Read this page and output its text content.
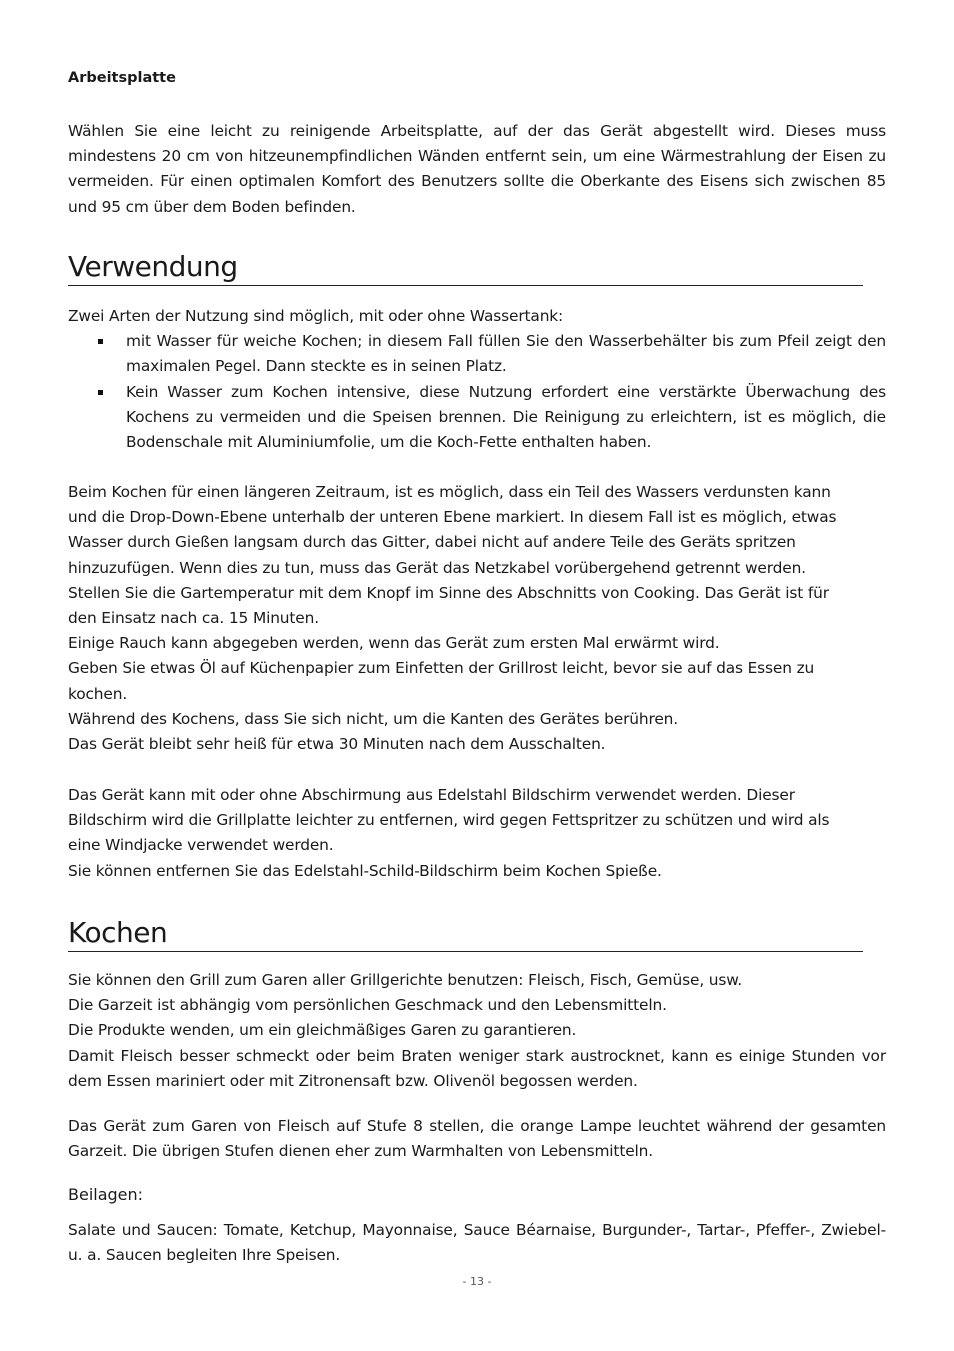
Arbeitsplatte

Wählen Sie eine leicht zu reinigende Arbeitsplatte, auf der das Gerät abgestellt wird. Dieses muss mindestens 20 cm von hitzeunempfindlichen Wänden entfernt sein, um eine Wärmestrahlung der Eisen zu vermeiden. Für einen optimalen Komfort des Benutzers sollte die Oberkante des Eisens sich zwischen 85 und 95 cm über dem Boden befinden.

Verwendung

Zwei Arten der Nutzung sind möglich, mit oder ohne Wassertank:

mit Wasser für weiche Kochen; in diesem Fall füllen Sie den Wasserbehälter bis zum Pfeil zeigt den maximalen Pegel. Dann steckte es in seinen Platz.
Kein Wasser zum Kochen intensive, diese Nutzung erfordert eine verstärkte Überwachung des Kochens zu vermeiden und die Speisen brennen. Die Reinigung zu erleichtern, ist es möglich, die Bodenschale mit Aluminiumfolie, um die Koch-Fette enthalten haben.

Beim Kochen für einen längeren Zeitraum, ist es möglich, dass ein Teil des Wassers verdunsten kann

und die Drop-Down-Ebene unterhalb der unteren Ebene markiert. In diesem Fall ist es möglich, etwas

Wasser durch Gießen langsam durch das Gitter, dabei nicht auf andere Teile des Geräts spritzen

hinzuzufügen. Wenn dies zu tun, muss das Gerät das Netzkabel vorübergehend getrennt werden.

Stellen Sie die Gartemperatur mit dem Knopf im Sinne des Abschnitts von Cooking. Das Gerät ist für

den Einsatz nach ca. 15 Minuten.

Einige Rauch kann abgegeben werden, wenn das Gerät zum ersten Mal erwärmt wird.

Geben Sie etwas Öl auf Küchenpapier zum Einfetten der Grillrost leicht, bevor sie auf das Essen zu

kochen.

Während des Kochens, dass Sie sich nicht, um die Kanten des Gerätes berühren.

Das Gerät bleibt sehr heiß für etwa 30 Minuten nach dem Ausschalten.

Das Gerät kann mit oder ohne Abschirmung aus Edelstahl Bildschirm verwendet werden. Dieser

Bildschirm wird die Grillplatte leichter zu entfernen, wird gegen Fettspritzer zu schützen und wird als

eine Windjacke verwendet werden.

Sie können entfernen Sie das Edelstahl-Schild-Bildschirm beim Kochen Spieße.

Kochen

Sie können den Grill zum Garen aller Grillgerichte benutzen: Fleisch, Fisch, Gemüse, usw.

Die Garzeit ist abhängig vom persönlichen Geschmack und den Lebensmitteln.

Die Produkte wenden, um ein gleichmäßiges Garen zu garantieren.

Damit Fleisch besser schmeckt oder beim Braten weniger stark austrocknet, kann es einige Stunden vor dem Essen mariniert oder mit Zitronensaft bzw. Olivenöl begossen werden.

Das Gerät zum Garen von Fleisch auf Stufe 8 stellen, die orange Lampe leuchtet während der gesamten Garzeit. Die übrigen Stufen dienen eher zum Warmhalten von Lebensmitteln.

Beilagen:

Salate und Saucen: Tomate, Ketchup, Mayonnaise, Sauce Béarnaise, Burgunder-, Tartar-, Pfeffer-, Zwiebel- u. a. Saucen begleiten Ihre Speisen.

- 13 -
